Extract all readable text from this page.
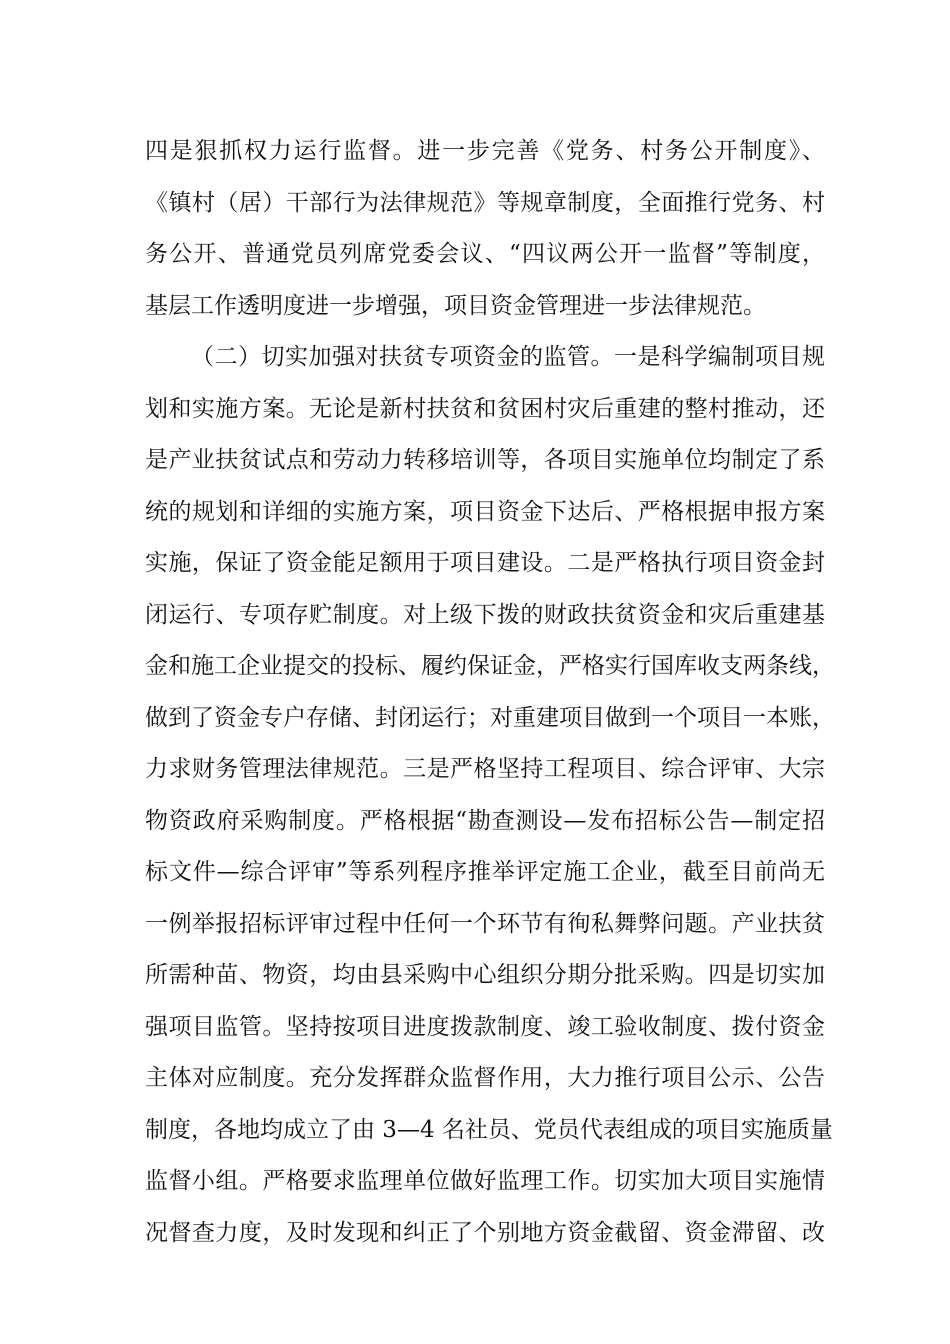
四是狠抓权力运行监督。进一步完善《党务、村务公开制度》、
《镇村（居）干部行为法律规范》等规章制度，全面推行党务、村
务公开、普通党员列席党委会议、“四议两公开一监督”等制度，
基层工作透明度进一步增强，项目资金管理进一步法律规范。
（二）切实加强对扶贫专项资金的监管。一是科学编制项目规
划和实施方案。无论是新村扶贫和贫困村灾后重建的整村推动，还
是产业扶贫试点和劳动力转移培训等，各项目实施单位均制定了系
统的规划和详细的实施方案，项目资金下达后、严格根据申报方案
实施，保证了资金能足额用于项目建设。二是严格执行项目资金封
闭运行、专项存贮制度。对上级下拨的财政扶贫资金和灾后重建基
金和施工企业提交的投标、履约保证金，严格实行国库收支两条线，
做到了资金专户存储、封闭运行；对重建项目做到一个项目一本账，
力求财务管理法律规范。三是严格坚持工程项目、综合评审、大宗
物资政府采购制度。严格根据“勘查测设—发布招标公告—制定招
标文件—综合评审”等系列程序推举评定施工企业，截至目前尚无
一例举报招标评审过程中任何一个环节有徇私舞弊问题。产业扶贫
所需种苗、物资，均由县采购中心组织分期分批采购。四是切实加
强项目监管。坚持按项目进度拨款制度、竣工验收制度、拨付资金
主体对应制度。充分发挥群众监督作用，大力推行项目公示、公告
制度，各地均成立了由 3—4 名社员、党员代表组成的项目实施质量
监督小组。严格要求监理单位做好监理工作。切实加大项目实施情
况督查力度，及时发现和纠正了个别地方资金截留、资金滞留、改
